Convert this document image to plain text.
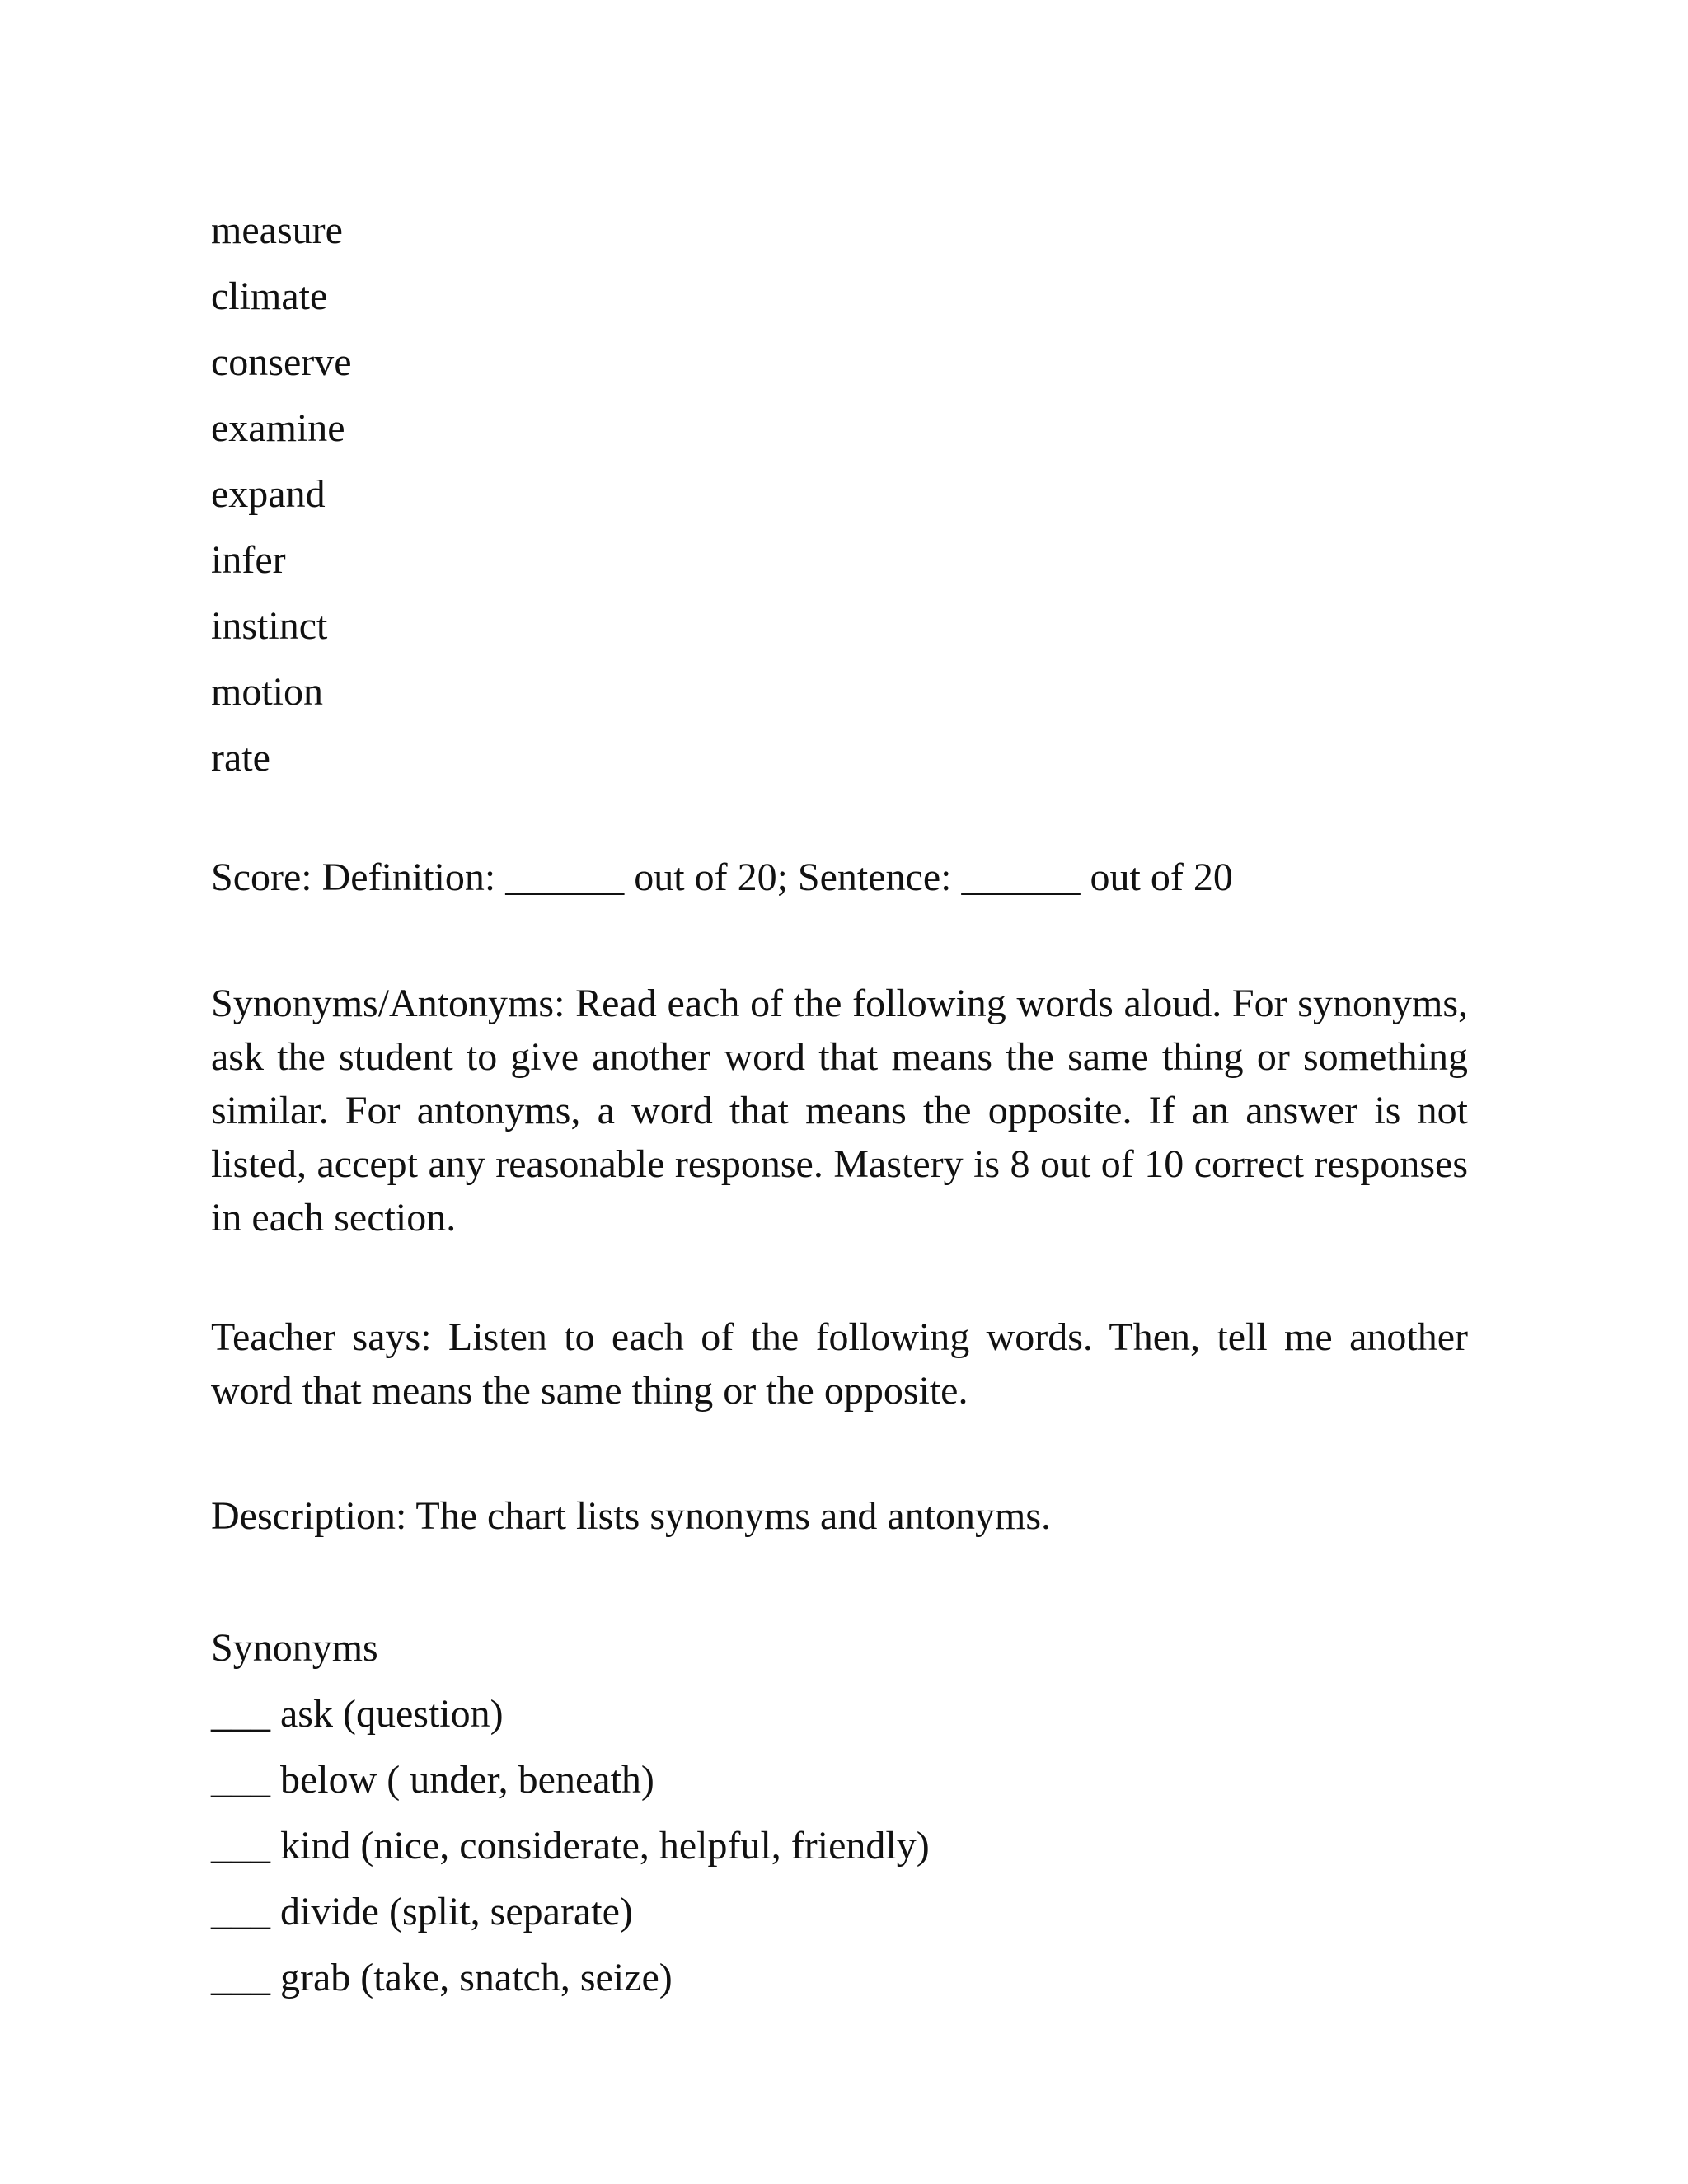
measure
climate
conserve
examine
expand
infer
instinct
motion
rate

Score: Definition: ______ out of 20; Sentence: ______ out of 20

Synonyms/Antonyms: Read each of the following words aloud. For synonyms, ask the student to give another word that means the same thing or something similar. For antonyms, a word that means the opposite. If an answer is not listed, accept any reasonable response. Mastery is 8 out of 10 correct responses in each section.

Teacher says: Listen to each of the following words. Then, tell me another word that means the same thing or the opposite.

Description: The chart lists synonyms and antonyms.

Synonyms

___ ask (question)
___ below ( under, beneath)
___ kind (nice, considerate, helpful, friendly)
___ divide (split, separate)
___ grab (take, snatch, seize)
